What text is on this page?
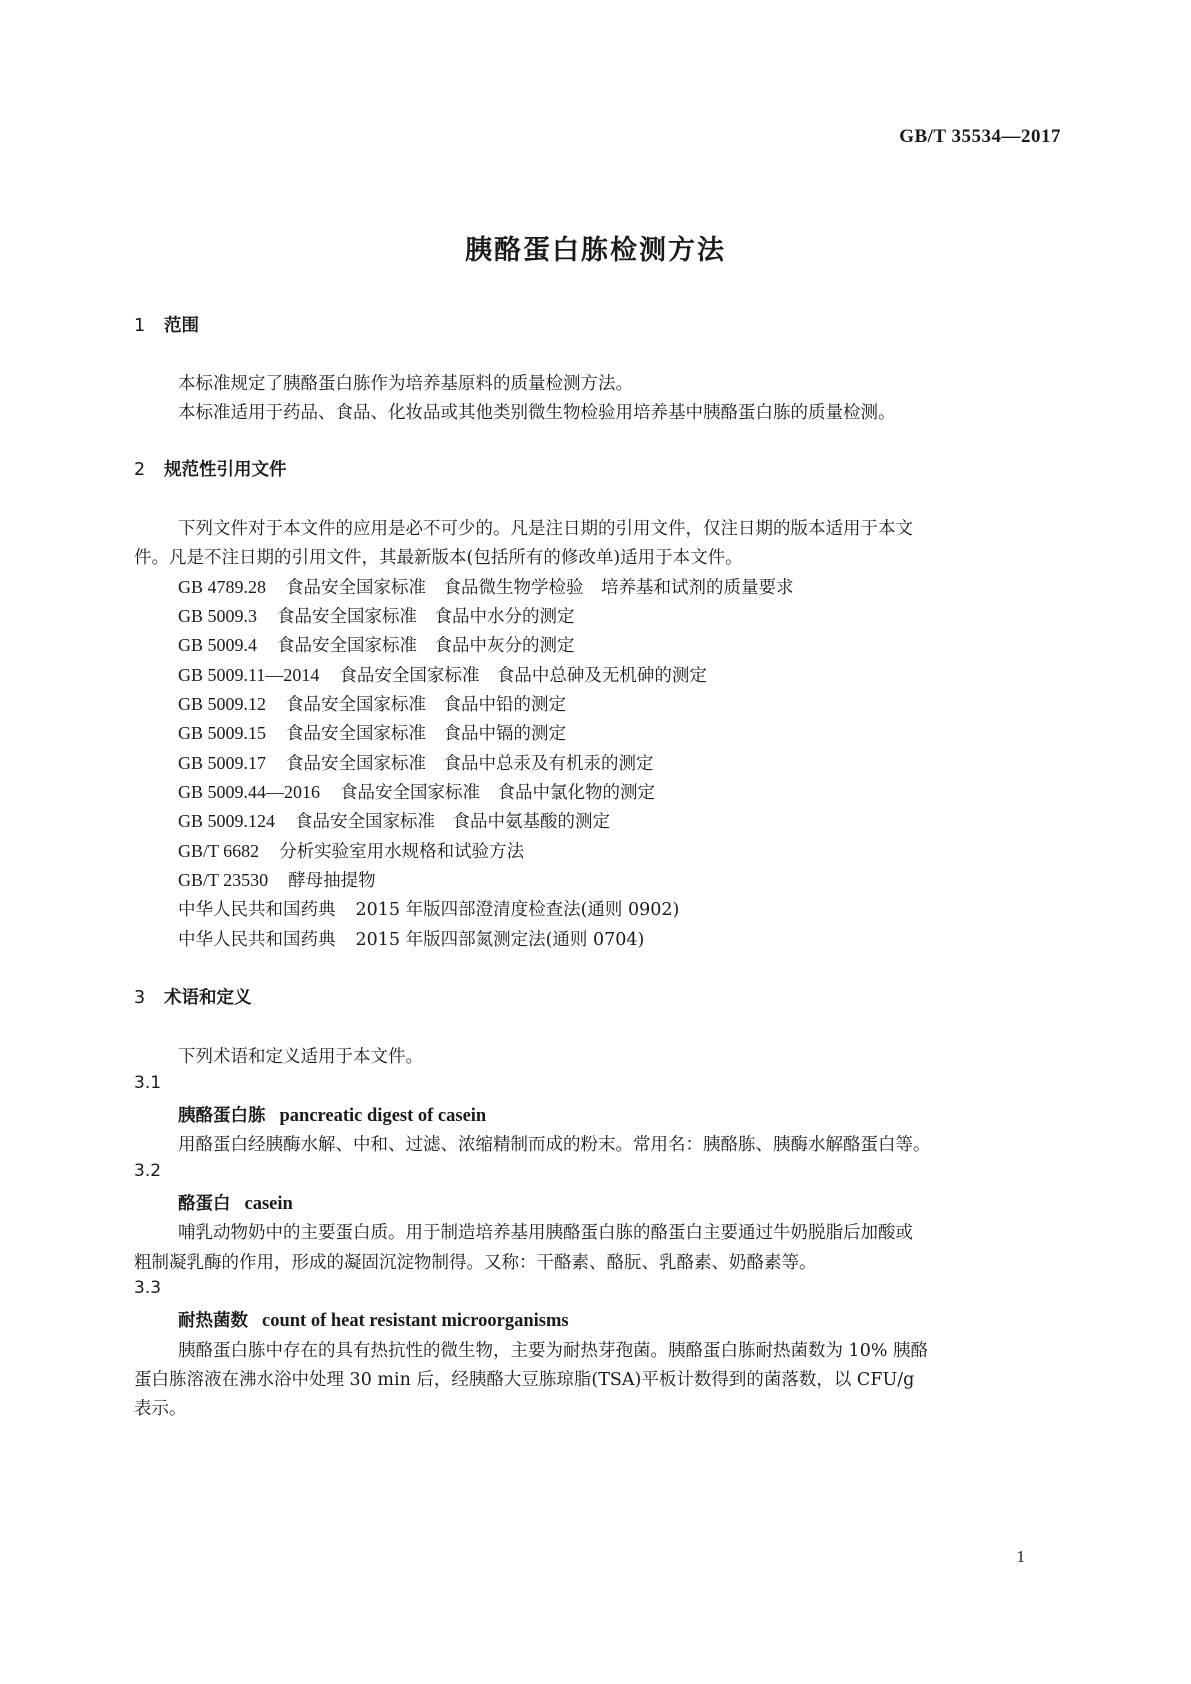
GB/T 35534—2017
胰酪蛋白胨检测方法
1 范围
本标准规定了胰酪蛋白胨作为培养基原料的质量检测方法。
本标准适用于药品、食品、化妆品或其他类别微生物检验用培养基中胰酪蛋白胨的质量检测。
2 规范性引用文件
下列文件对于本文件的应用是必不可少的。凡是注日期的引用文件，仅注日期的版本适用于本文
件。凡是不注日期的引用文件，其最新版本(包括所有的修改单)适用于本文件。
GB 4789.28 食品安全国家标准　食品微生物学检验　培养基和试剂的质量要求
GB 5009.3 食品安全国家标准　食品中水分的测定
GB 5009.4 食品安全国家标准　食品中灰分的测定
GB 5009.11—2014 食品安全国家标准　食品中总砷及无机砷的测定
GB 5009.12 食品安全国家标准　食品中铅的测定
GB 5009.15 食品安全国家标准　食品中镉的测定
GB 5009.17 食品安全国家标准　食品中总汞及有机汞的测定
GB 5009.44—2016 食品安全国家标准　食品中氯化物的测定
GB 5009.124 食品安全国家标准　食品中氨基酸的测定
GB/T 6682 分析实验室用水规格和试验方法
GB/T 23530 酵母抽提物
中华人民共和国药典 2015 年版四部澄清度检查法(通则 0902)
中华人民共和国药典 2015 年版四部氮测定法(通则 0704)
3 术语和定义
下列术语和定义适用于本文件。
3.1
胰酪蛋白胨 pancreatic digest of casein
用酪蛋白经胰酶水解、中和、过滤、浓缩精制而成的粉末。常用名：胰酪胨、胰酶水解酪蛋白等。
3.2
酪蛋白 casein
哺乳动物奶中的主要蛋白质。用于制造培养基用胰酪蛋白胨的酪蛋白主要通过牛奶脱脂后加酸或
粗制凝乳酶的作用，形成的凝固沉淀物制得。又称：干酪素、酪朊、乳酪素、奶酪素等。
3.3
耐热菌数 count of heat resistant microorganisms
胰酪蛋白胨中存在的具有热抗性的微生物，主要为耐热芽孢菌。胰酪蛋白胨耐热菌数为 10% 胰酪
蛋白胨溶液在沸水浴中处理 30 min 后，经胰酪大豆胨琼脂(TSA)平板计数得到的菌落数，以 CFU/g
表示。
1
